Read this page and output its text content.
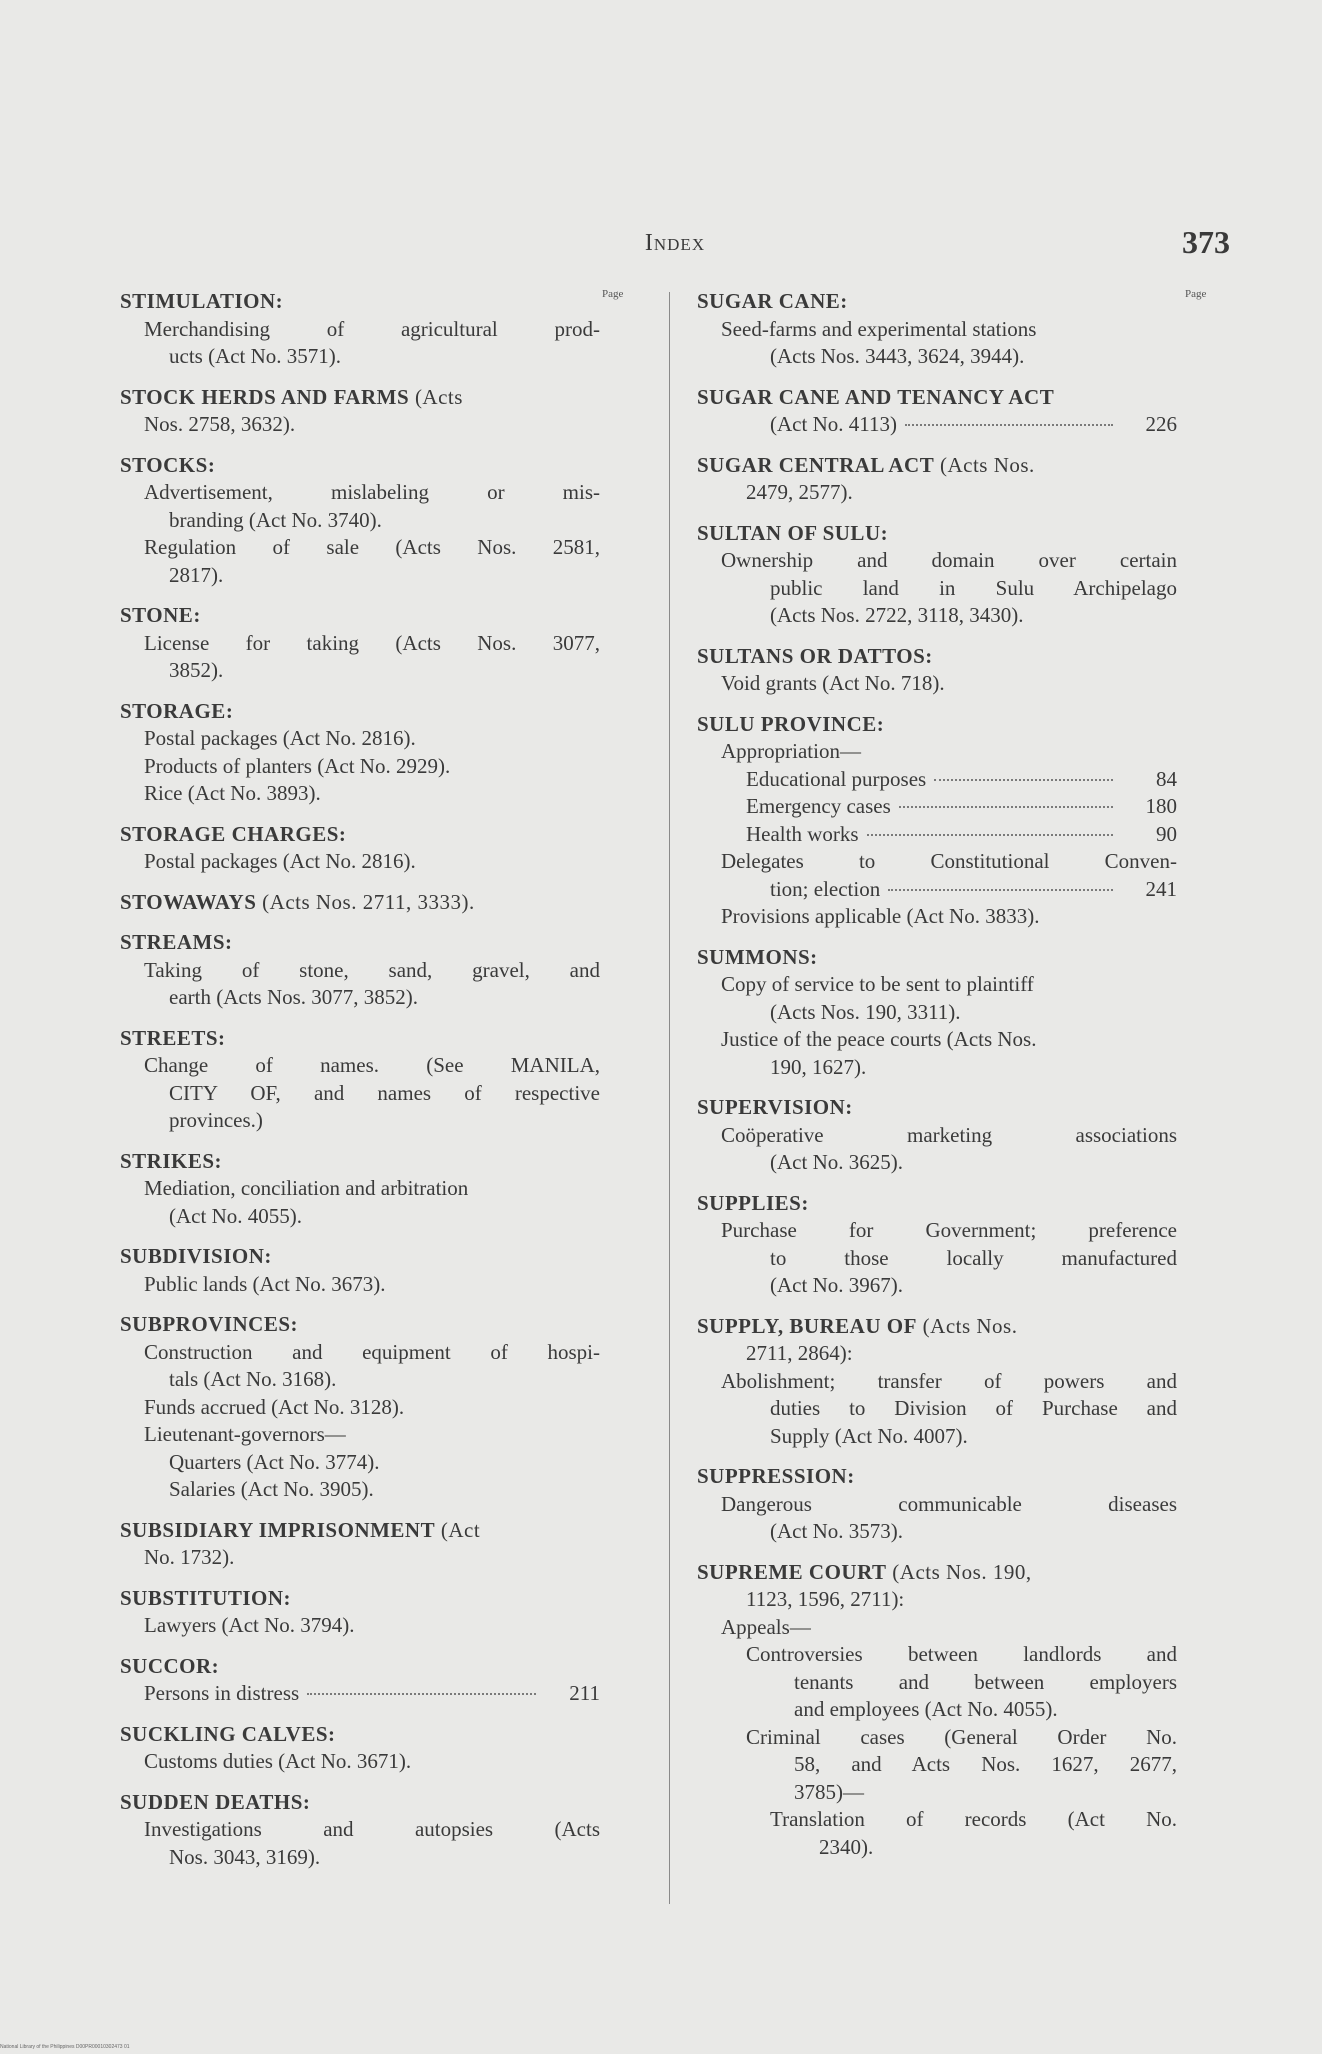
Index	373
Page
STIMULATION:
Merchandising of agricultural prod-
ucts (Act No. 3571).
STOCK HERDS AND FARMS (Acts
Nos. 2758, 3632).
STOCKS:
Advertisement, mislabeling or mis-
branding (Act No. 3740).
Regulation of sale (Acts Nos. 2581,
2817).
STONE:
License for taking (Acts Nos. 3077,
3852).
STORAGE:
Postal packages (Act No. 2816).
Products of planters (Act No. 2929).
Rice (Act No. 3893).
STORAGE CHARGES:
Postal packages (Act No. 2816).
STOWAWAYS (Acts Nos. 2711, 3333).
STREAMS:
Taking of stone, sand, gravel, and
earth (Acts Nos. 3077, 3852).
STREETS:
Change of names. (See MANILA,
CITY OF, and names of respective
provinces.)
STRIKES:
Mediation, conciliation and arbitration
(Act No. 4055).
SUBDIVISION:
Public lands (Act No. 3673).
SUBPROVINCES:
Construction and equipment of hospi-
tals (Act No. 3168).
Funds accrued (Act No. 3128).
Lieutenant-governors—
Quarters (Act No. 3774).
Salaries (Act No. 3905).
SUBSIDIARY IMPRISONMENT (Act
No. 1732).
SUBSTITUTION:
Lawyers (Act No. 3794).
SUCCOR:
Persons in distress	211
SUCKLING CALVES:
Customs duties (Act No. 3671).
SUDDEN DEATHS:
Investigations and autopsies (Acts
Nos. 3043, 3169).
Page
SUGAR CANE:
Seed-farms and experimental stations
(Acts Nos. 3443, 3624, 3944).
SUGAR CANE AND TENANCY ACT
(Act No. 4113)	226
SUGAR CENTRAL ACT (Acts Nos.
2479, 2577).
SULTAN OF SULU:
Ownership and domain over certain
public land in Sulu Archipelago
(Acts Nos. 2722, 3118, 3430).
SULTANS OR DATTOS:
Void grants (Act No. 718).
SULU PROVINCE:
Appropriation—
Educational purposes	84
Emergency cases	180
Health works	90
Delegates to Constitutional Conven-
tion; election	241
Provisions applicable (Act No. 3833).
SUMMONS:
Copy of service to be sent to plaintiff
(Acts Nos. 190, 3311).
Justice of the peace courts (Acts Nos.
190, 1627).
SUPERVISION:
Coöperative marketing associations
(Act No. 3625).
SUPPLIES:
Purchase for Government; preference
to those locally manufactured
(Act No. 3967).
SUPPLY, BUREAU OF (Acts Nos.
2711, 2864):
Abolishment; transfer of powers and
duties to Division of Purchase and
Supply (Act No. 4007).
SUPPRESSION:
Dangerous communicable diseases
(Act No. 3573).
SUPREME COURT (Acts Nos. 190,
1123, 1596, 2711):
Appeals—
Controversies between landlords and
tenants and between employers
and employees (Act No. 4055).
Criminal cases (General Order No.
58, and Acts Nos. 1627, 2677,
3785)—
Translation of records (Act No.
2340).
National Library of the Philippines D00PR00010302473 01
